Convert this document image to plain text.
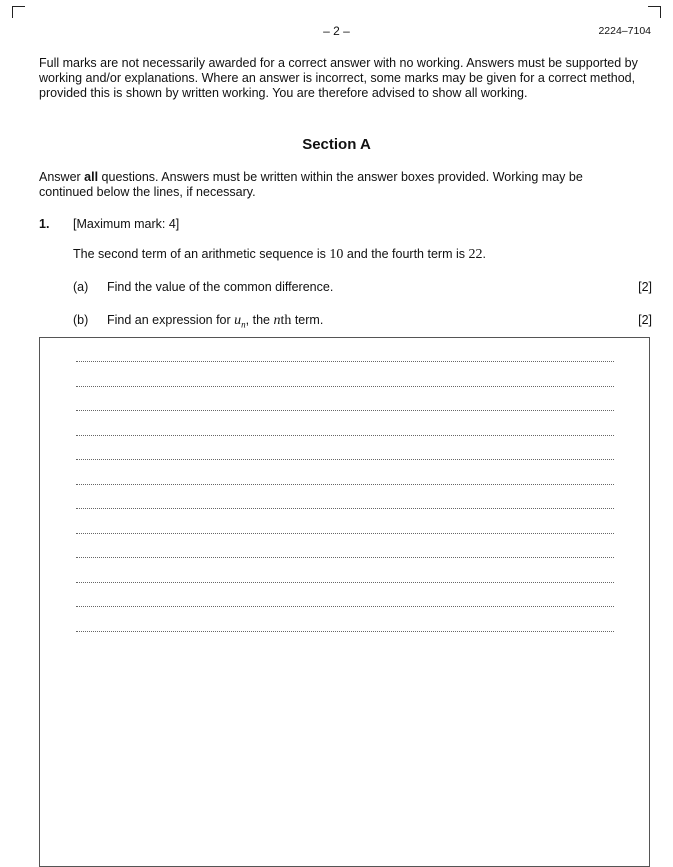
– 2 –	2224–7104
Full marks are not necessarily awarded for a correct answer with no working. Answers must be supported by working and/or explanations. Where an answer is incorrect, some marks may be given for a correct method, provided this is shown by written working. You are therefore advised to show all working.
Section A
Answer all questions. Answers must be written within the answer boxes provided. Working may be continued below the lines, if necessary.
1. [Maximum mark: 4]
The second term of an arithmetic sequence is 10 and the fourth term is 22.
(a) Find the value of the common difference.	[2]
(b) Find an expression for $u_n$, the nth term.	[2]
